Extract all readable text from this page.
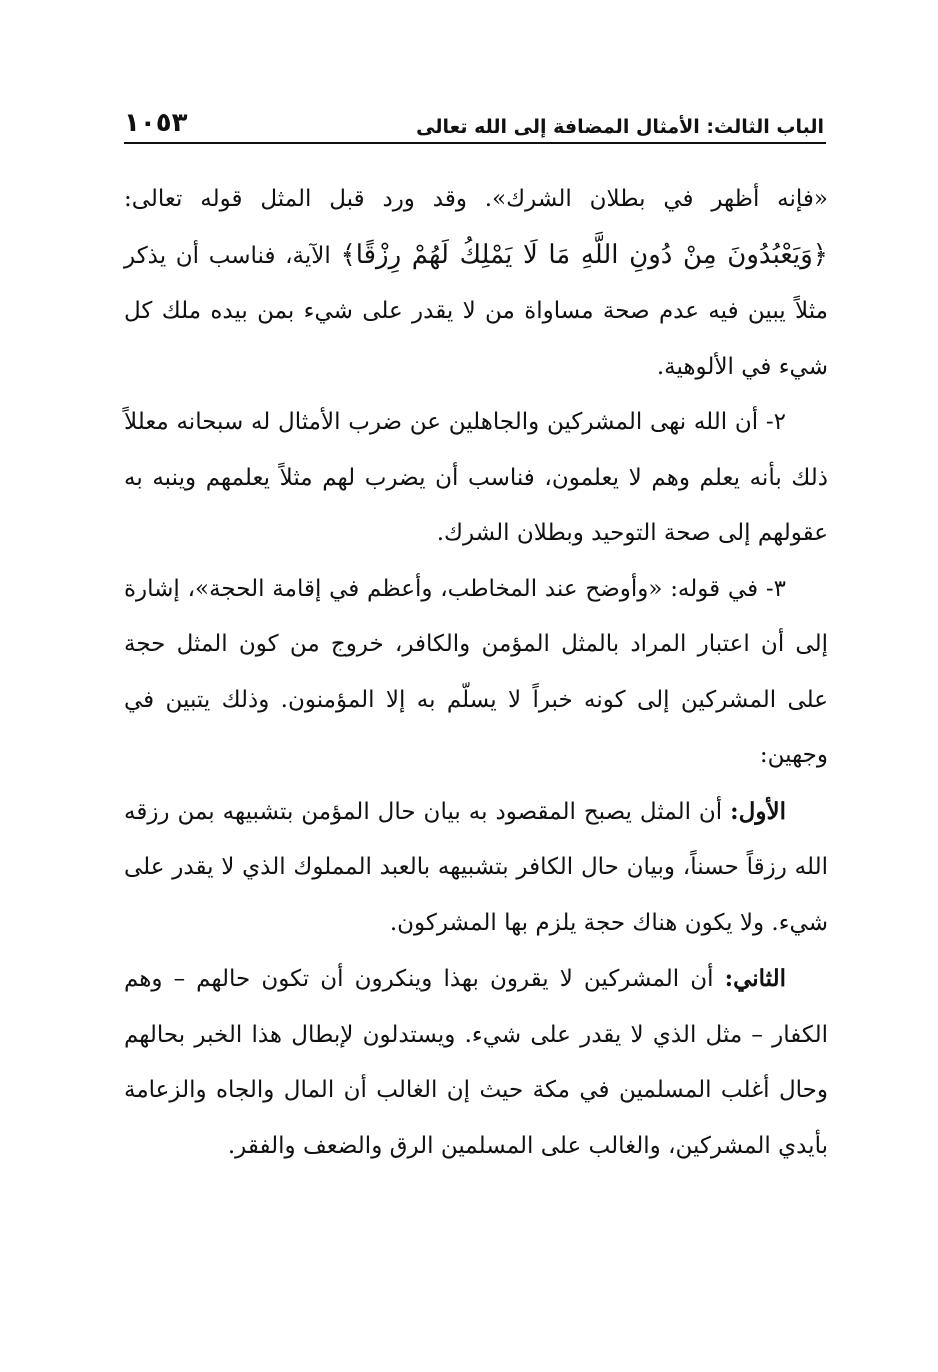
الباب الثالث: الأمثال المضافة إلى الله تعالى
١٠٥٣

«فإنه أظهر في بطلان الشرك». وقد ورد قبل المثل قوله تعالى: ﴿وَيَعْبُدُونَ مِنْ دُونِ اللَّهِ مَا لَا يَمْلِكُ لَهُمْ رِزْقًا﴾ الآية، فناسب أن يذكر مثلاً يبين فيه عدم صحة مساواة من لا يقدر على شيء بمن بيده ملك كل شيء في الألوهية.

٢- أن الله نهى المشركين والجاهلين عن ضرب الأمثال له سبحانه معللاً ذلك بأنه يعلم وهم لا يعلمون، فناسب أن يضرب لهم مثلاً يعلمهم وينبه به عقولهم إلى صحة التوحيد وبطلان الشرك.

٣- في قوله: «وأوضح عند المخاطب، وأعظم في إقامة الحجة»، إشارة إلى أن اعتبار المراد بالمثل المؤمن والكافر، خروج من كون المثل حجة على المشركين إلى كونه خبراً لا يسلّم به إلا المؤمنون. وذلك يتبين في وجهين:

الأول: أن المثل يصبح المقصود به بيان حال المؤمن بتشبيهه بمن رزقه الله رزقاً حسناً، وبيان حال الكافر بتشبيهه بالعبد المملوك الذي لا يقدر على شيء. ولا يكون هناك حجة يلزم بها المشركون.

الثاني: أن المشركين لا يقرون بهذا وينكرون أن تكون حالهم – وهم الكفار – مثل الذي لا يقدر على شيء. ويستدلون لإبطال هذا الخبر بحالهم وحال أغلب المسلمين في مكة حيث إن الغالب أن المال والجاه والزعامة بأيدي المشركين، والغالب على المسلمين الرق والضعف والفقر.
